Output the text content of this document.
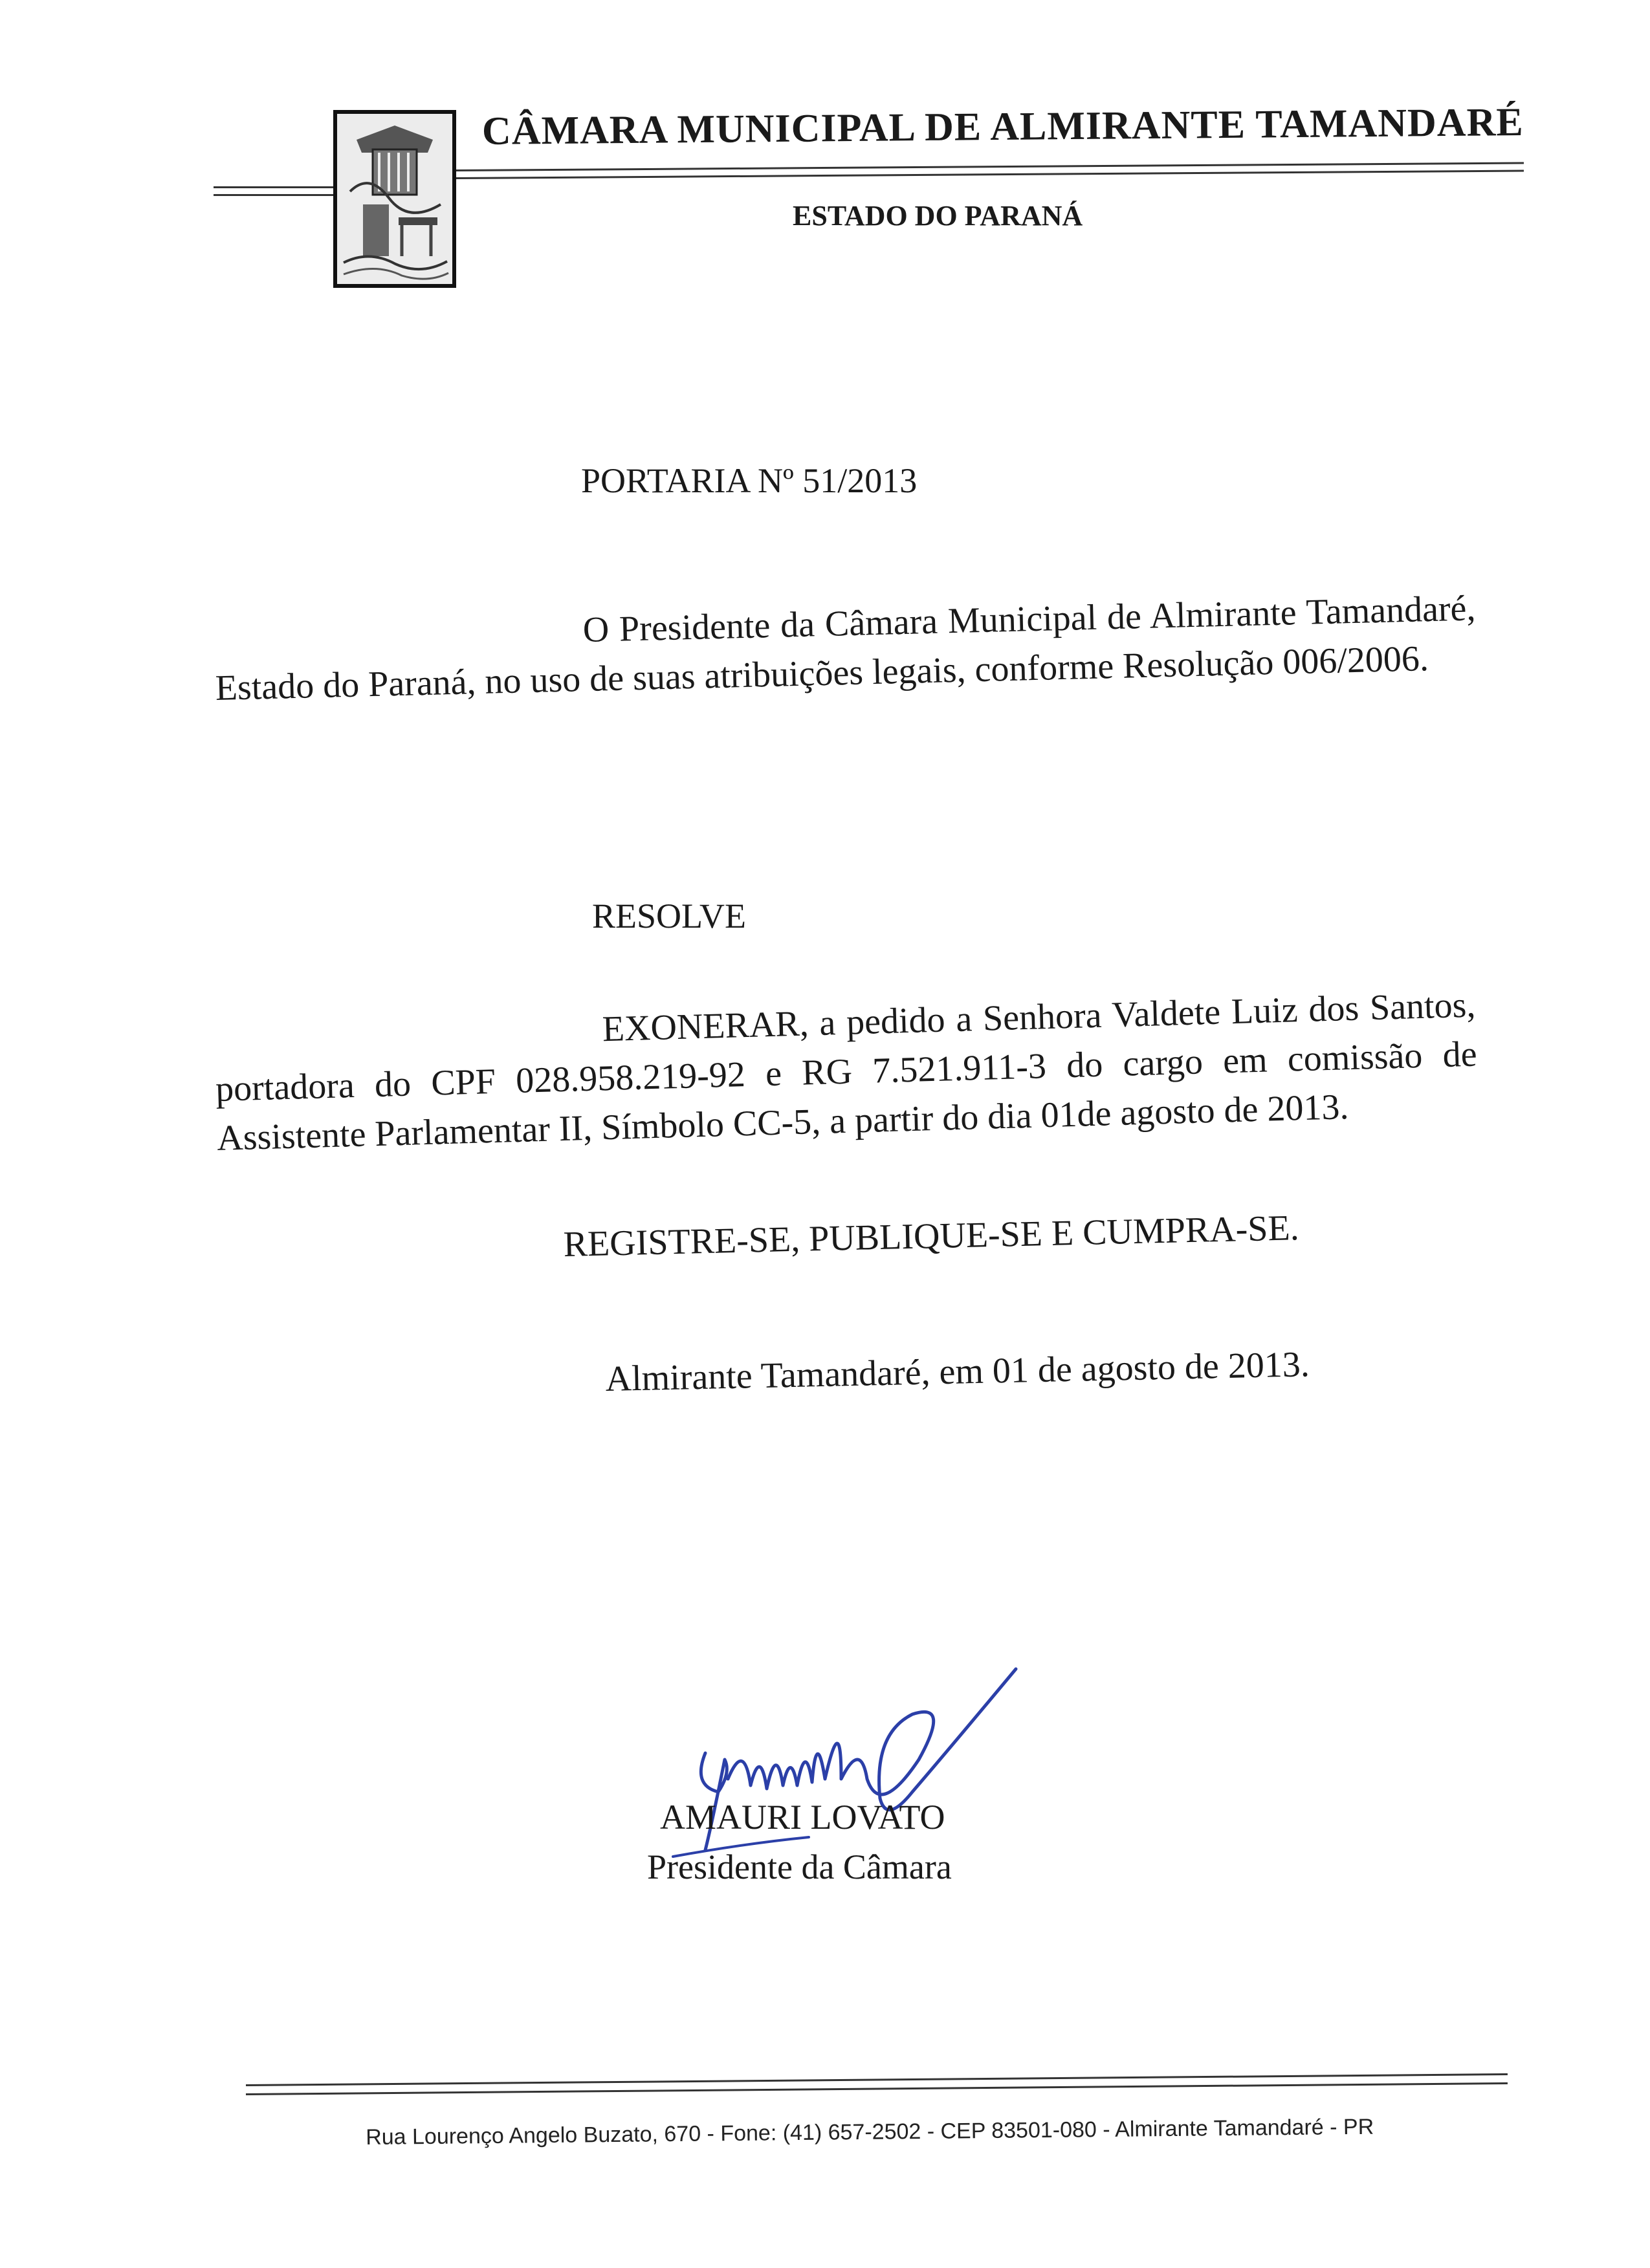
CÂMARA MUNICIPAL DE ALMIRANTE TAMANDARÉ
ESTADO DO PARANÁ
PORTARIA Nº 51/2013
O Presidente da Câmara Municipal de Almirante Tamandaré, Estado do Paraná, no uso de suas atribuições legais, conforme Resolução 006/2006.
RESOLVE
EXONERAR, a pedido a Senhora Valdete Luiz dos Santos, portadora do CPF 028.958.219-92 e RG 7.521.911-3 do cargo em comissão de Assistente Parlamentar II, Símbolo CC-5, a partir do dia 01de agosto de 2013.
REGISTRE-SE, PUBLIQUE-SE E CUMPRA-SE.
Almirante Tamandaré, em 01 de agosto de 2013.
AMAURI LOVATO
Presidente da Câmara
Rua Lourenço Angelo Buzato, 670 - Fone: (41) 657-2502 - CEP 83501-080 - Almirante Tamandaré - PR
